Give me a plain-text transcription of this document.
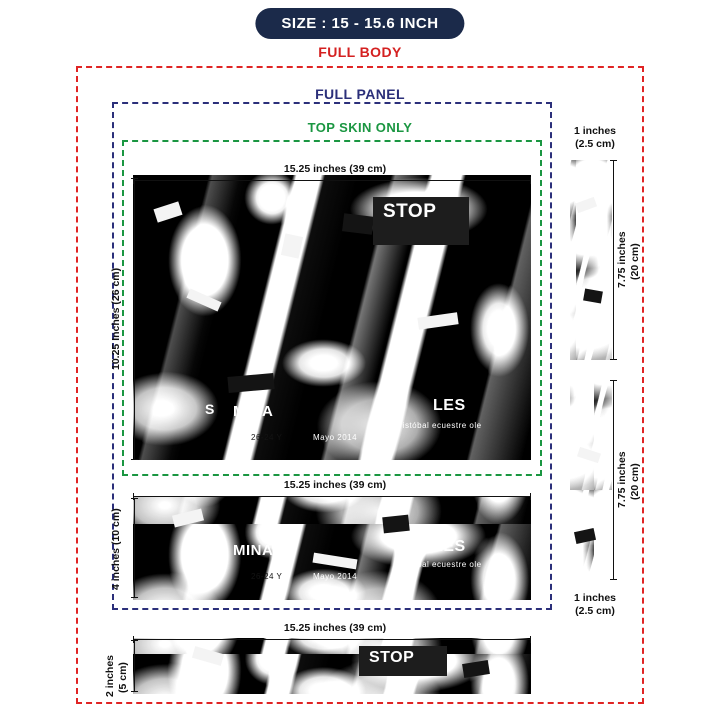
SIZE : 15 - 15.6 INCH
FULL BODY
FULL PANEL
TOP SKIN ONLY
STOP
MINA	LES
cristóbal ecuestre ole
Mayo 2014
26-24 Y
S
15.25 inches (39 cm)
10.25 Inches (26 cm)
MINA	LES
cristóbal ecuestre ole
Mayo 2014
26-24 Y
S
15.25 inches (39 cm)
4 inches (10 cm)
STOP
15.25 inches (39 cm)
2 inches (5 cm)
1 inches
(2.5 cm)
7.75 inches (20 cm)
7.75 inches (20 cm)
1 inches
(2.5 cm)
